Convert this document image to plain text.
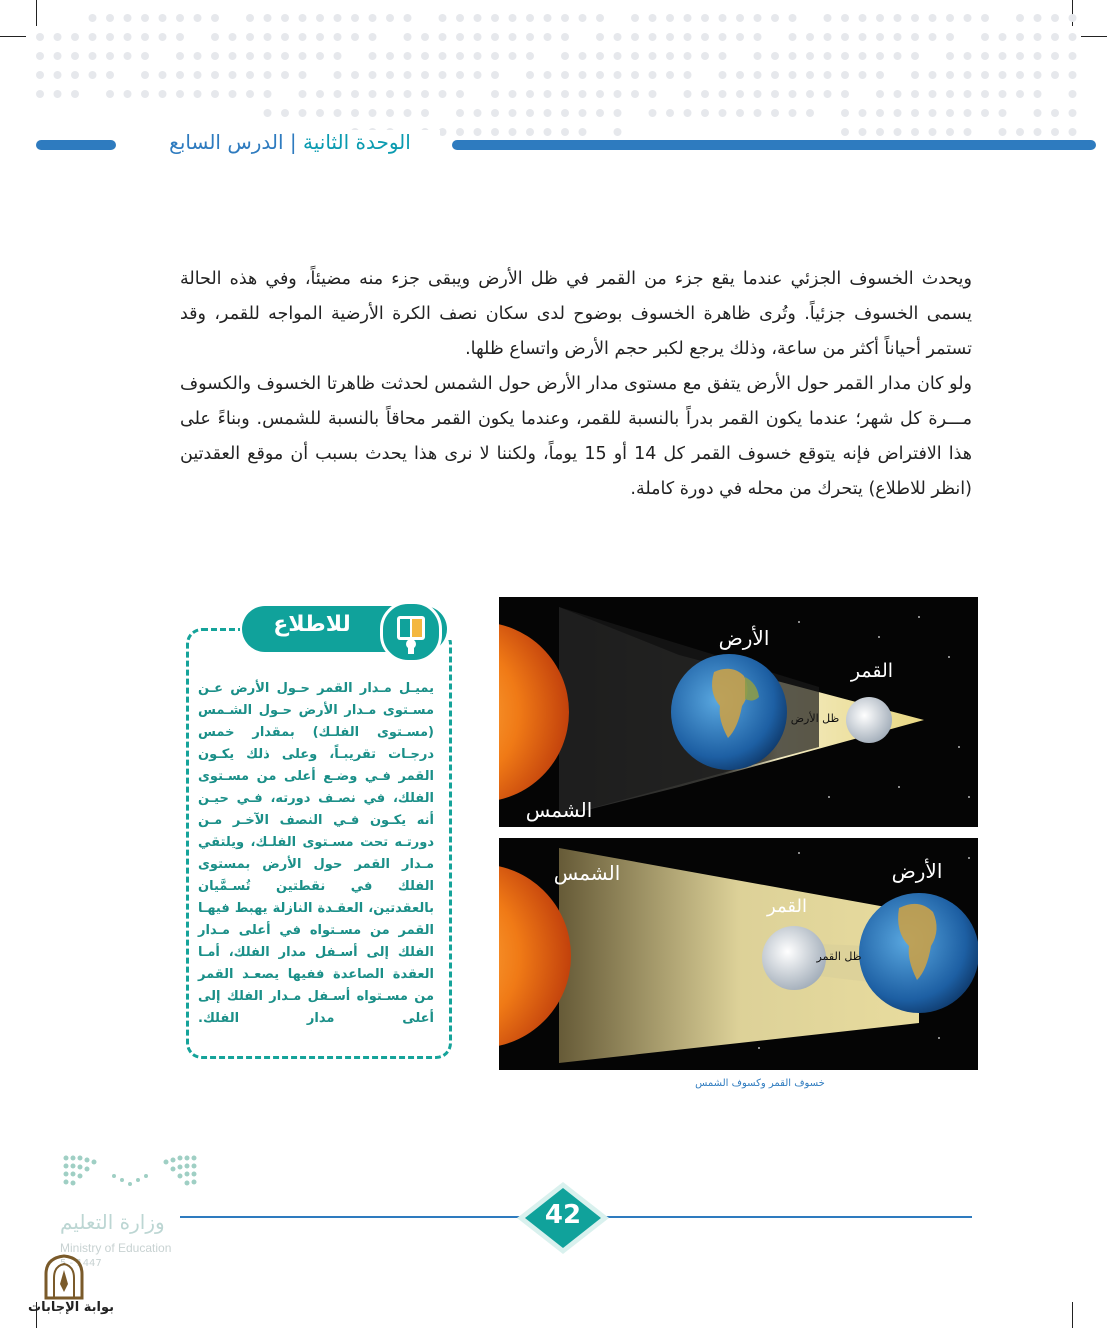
الوحدة الثانية | الدرس السابع

ويحدث الخسوف الجزئي عندما يقع جزء من القمر في ظل الأرض ويبقى جزء منه مضيئاً، وفي هذه الحالة يسمى الخسوف جزئياً. وتُرى ظاهرة الخسوف بوضوح لدى سكان نصف الكرة الأرضية المواجه للقمر، وقد تستمر أحياناً أكثر من ساعة، وذلك يرجع لكبر حجم الأرض واتساع ظلها.

ولو كان مدار القمر حول الأرض يتفق مع مستوى مدار الأرض حول الشمس لحدثت ظاهرتا الخسوف والكسوف مـــرة كل شهر؛ عندما يكون القمر بدراً بالنسبة للقمر، وعندما يكون القمر محاقاً بالنسبة للشمس. وبناءً على هذا الافتراض فإنه يتوقع خسوف القمر كل 14 أو 15 يوماً، ولكننا لا نرى هذا يحدث بسبب أن موقع العقدتين (انظر للاطلاع) يتحرك من محله في دورة كاملة.

الأرض
القمر
الشمس
ظل الأرض
الشمس
القمر
الأرض
ظل القمر
خسوف القمر وكسوف الشمس
للاطلاع

يميـل مـدار القمر حـول الأرض عـن مسـتوى مـدار الأرض حـول الشـمس (مسـتوى الفلـك) بمقدار خمس درجـات تقريبـاً، وعلى ذلك يكـون القمر فـي وضـع أعلى من مسـتوى الفلك، في نصـف دورته، فـي حيـن أنه يكـون فـي النصف الآخـر مـن دورتـه تحت مسـتوى الفلـك، ويلتقي مـدار القمر حول الأرض بمستوى الفلك في نقطتين تُسـمَّيان بالعقدتين، العقـدة النازلة يهبط فيهـا القمر من مسـتواه في أعلى مـدار الفلك إلى أسـفل مدار الفلك، أمـا العقدة الصاعدة ففيها يصعـد القمر من مسـتواه أسـفل مـدار الفلك إلى أعلى مدار الفلك.

وزارة التعليم
Ministry of Education
5 - 1447
42
بوابة الإجابات
